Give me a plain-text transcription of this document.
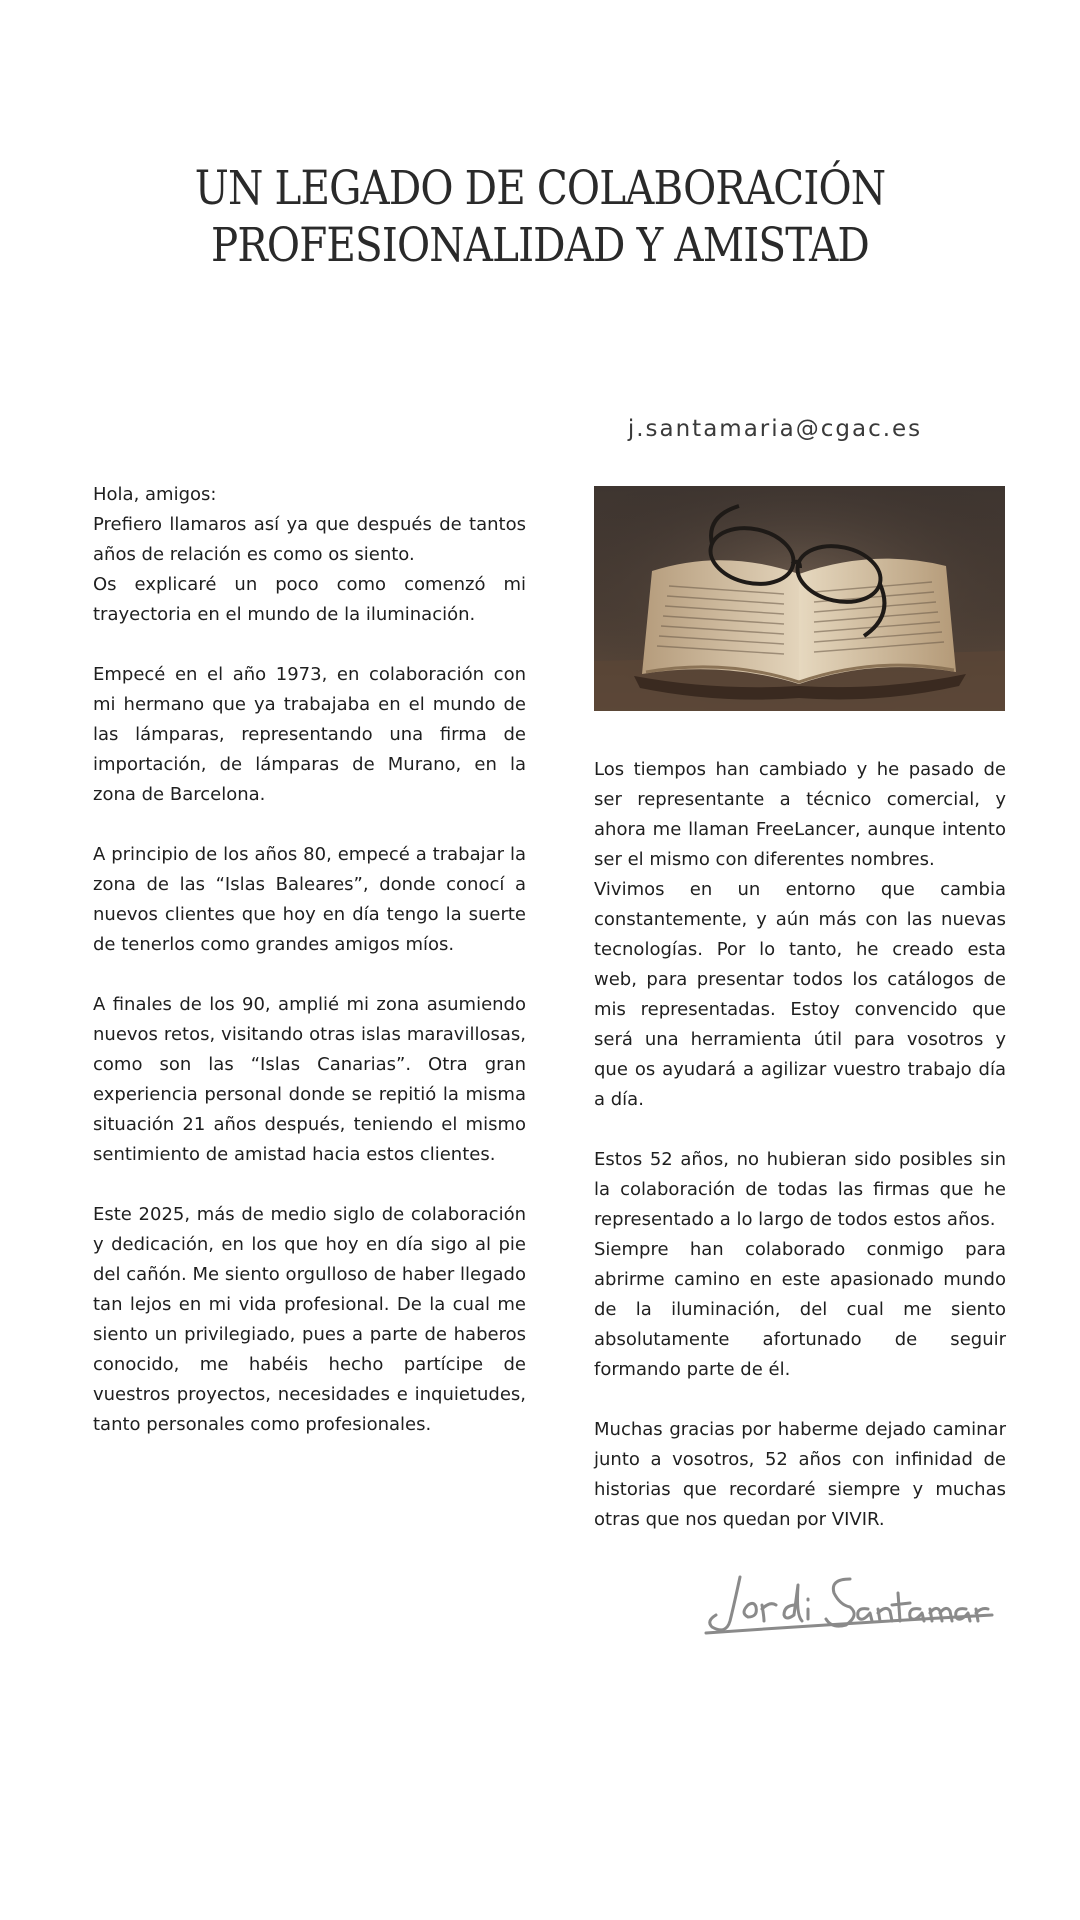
UN LEGADO DE COLABORACIÓN
PROFESIONALIDAD Y AMISTAD
j.santamaria@cgac.es

Hola, amigos:
Prefiero llamaros así ya que después de tantos años de relación es como os siento.
Os explicaré un poco como comenzó mi trayectoria en el mundo de la iluminación.

Empecé en el año 1973, en colaboración con mi hermano que ya trabajaba en el mundo de las lámparas, representando una firma de importación, de lámparas de Murano, en la zona de Barcelona.

A principio de los años 80, empecé a trabajar la zona de las “Islas Baleares”, donde conocí a nuevos clientes que hoy en día tengo la suerte de tenerlos como grandes amigos míos.

A finales de los 90, amplié mi zona asumiendo nuevos retos, visitando otras islas maravillosas, como son las “Islas Canarias”. Otra gran experiencia personal donde se repitió la misma situación 21 años después, teniendo el mismo sentimiento de amistad hacia estos clientes.

Este 2025, más de medio siglo de colaboración y dedicación, en los que hoy en día sigo al pie del cañón. Me siento orgulloso de haber llegado tan lejos en mi vida profesional. De la cual me siento un privilegiado, pues a parte de haberos conocido, me habéis hecho partícipe de vuestros proyectos, necesidades e inquietudes, tanto personales como profesionales.

Los tiempos han cambiado y he pasado de ser representante a técnico comercial, y ahora me llaman FreeLancer, aunque intento ser el mismo con diferentes nombres.
Vivimos en un entorno que cambia constantemente, y aún más con las nuevas tecnologías. Por lo tanto, he creado esta web, para presentar todos los catálogos de mis representadas. Estoy convencido que será una herramienta útil para vosotros y que os ayudará a agilizar vuestro trabajo día a día.

Estos 52 años, no hubieran sido posibles sin la colaboración de todas las firmas que he representado a lo largo de todos estos años.
Siempre han colaborado conmigo para abrirme camino en este apasionado mundo de la iluminación, del cual me siento absolutamente afortunado de seguir formando parte de él.

Muchas gracias por haberme dejado caminar junto a vosotros, 52 años con infinidad de historias que recordaré siempre y muchas otras que nos quedan por VIVIR.
